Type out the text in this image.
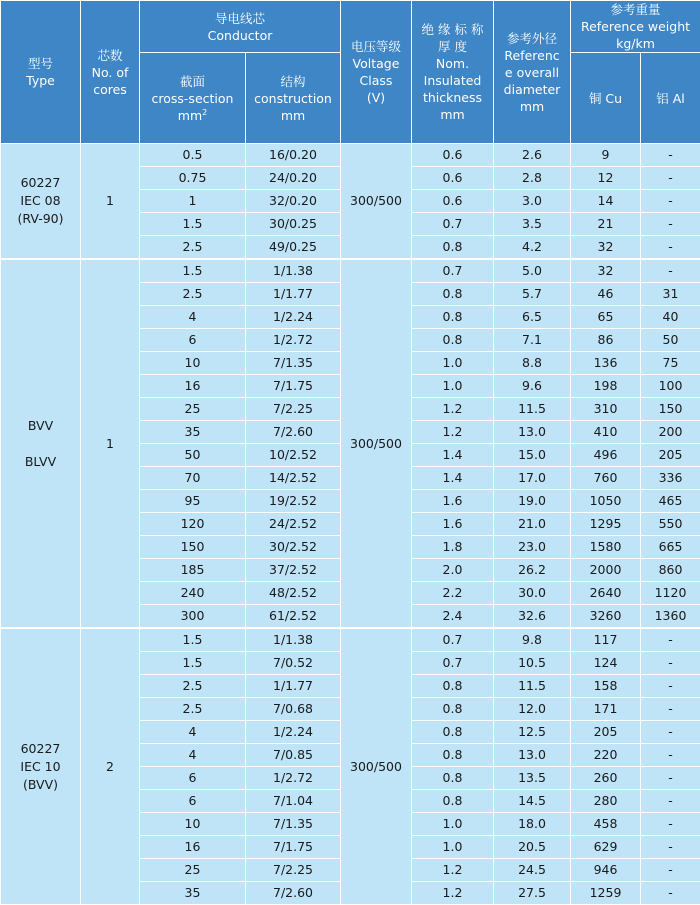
型号
Type	芯数
No. of
cores	导电线芯
Conductor		电压等级
Voltage
Class
(V)	绝 缘 标 称 厚 度
Nom.
Insulated
thickness
mm	参考外径
Referenc
e overall
diameter
mm	参考重量
Reference weight
kg/km	

		截面
cross-section
$mm^2$	结构
construction
mm				铜 Cu	铝 Al

60227
IEC 08
(RV-90)	1	0.5	16/0.20	300/500	0.6	2.6	9	-
		0.75	24/0.20		0.6	2.8	12	-
		1	32/0.20		0.6	3.0	14	-
		1.5	30/0.25		0.7	3.5	21	-
		2.5	49/0.25		0.8	4.2	32	-

BVV
BLVV	1	1.5	1/1.38	300/500	0.7	5.0	32	-
		2.5	1/1.77		0.8	5.7	46	31
		4	1/2.24		0.8	6.5	65	40
		6	1/2.72		0.8	7.1	86	50
		10	7/1.35		1.0	8.8	136	75
		16	7/1.75		1.0	9.6	198	100
		25	7/2.25		1.2	11.5	310	150
		35	7/2.60		1.2	13.0	410	200
		50	10/2.52		1.4	15.0	496	205
		70	14/2.52		1.4	17.0	760	336
		95	19/2.52		1.6	19.0	1050	465
		120	24/2.52		1.6	21.0	1295	550
		150	30/2.52		1.8	23.0	1580	665
		185	37/2.52		2.0	26.2	2000	860
		240	48/2.52		2.2	30.0	2640	1120
		300	61/2.52		2.4	32.6	3260	1360

60227
IEC 10
(BVV)	2	1.5	1/1.38	300/500	0.7	9.8	117	-
		1.5	7/0.52		0.7	10.5	124	-
		2.5	1/1.77		0.8	11.5	158	-
		2.5	7/0.68		0.8	12.0	171	-
		4	1/2.24		0.8	12.5	205	-
		4	7/0.85		0.8	13.0	220	-
		6	1/2.72		0.8	13.5	260	-
		6	7/1.04		0.8	14.5	280	-
		10	7/1.35		1.0	18.0	458	-
		16	7/1.75		1.0	20.5	629	-
		25	7/2.25		1.2	24.5	946	-
		35	7/2.60		1.2	27.5	1259	-
